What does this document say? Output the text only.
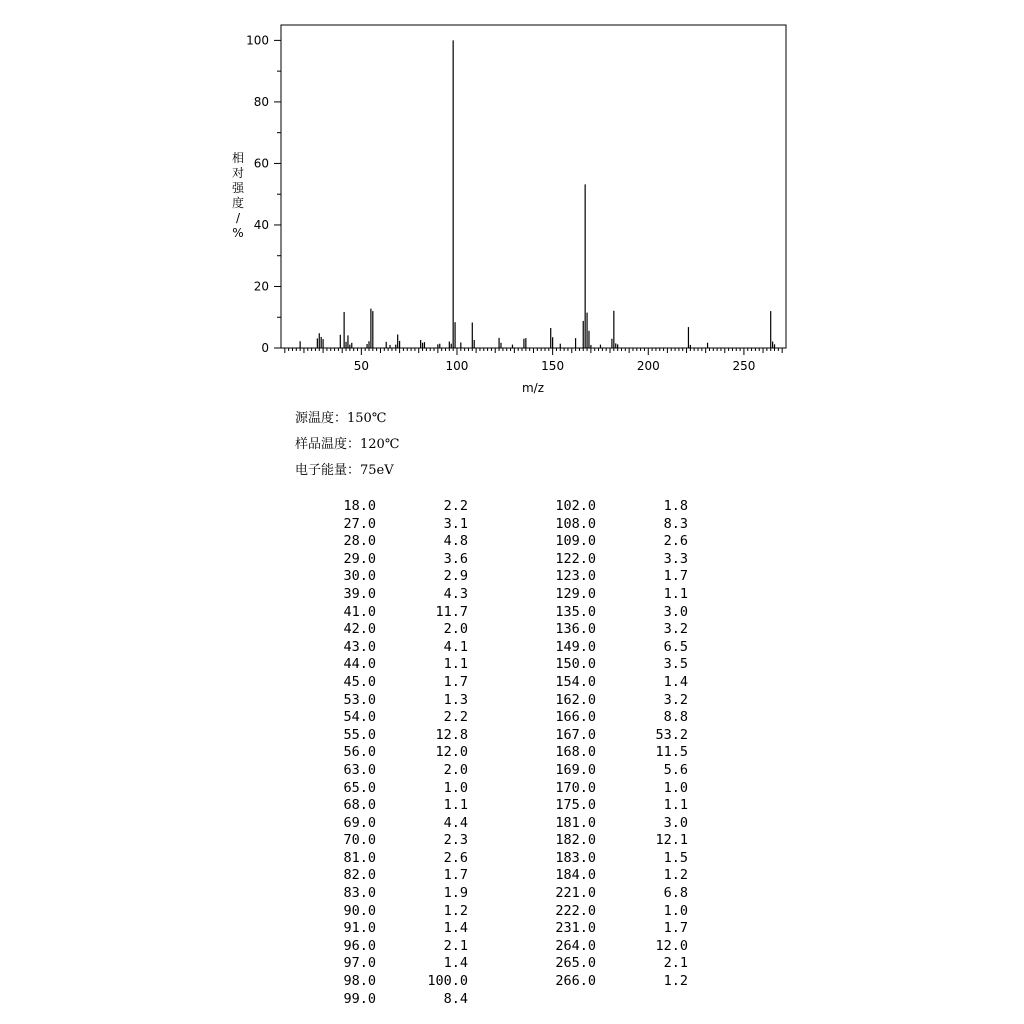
0
20
40
60
80
100
50	100	150	200	250
m/z
相对强度/ %
源温度：150℃
样品温度：120℃
电子能量：75eV
18.0	2.2
27.0	3.1
28.0	4.8
29.0	3.6
30.0	2.9
39.0	4.3
41.0	11.7
42.0	2.0
43.0	4.1
44.0	1.1
45.0	1.7
53.0	1.3
54.0	2.2
55.0	12.8
56.0	12.0
63.0	2.0
65.0	1.0
68.0	1.1
69.0	4.4
70.0	2.3
81.0	2.6
82.0	1.7
83.0	1.9
90.0	1.2
91.0	1.4
96.0	2.1
97.0	1.4
98.0	100.0
99.0	8.4
102.0	1.8
108.0	8.3
109.0	2.6
122.0	3.3
123.0	1.7
129.0	1.1
135.0	3.0
136.0	3.2
149.0	6.5
150.0	3.5
154.0	1.4
162.0	3.2
166.0	8.8
167.0	53.2
168.0	11.5
169.0	5.6
170.0	1.0
175.0	1.1
181.0	3.0
182.0	12.1
183.0	1.5
184.0	1.2
221.0	6.8
222.0	1.0
231.0	1.7
264.0	12.0
265.0	2.1
266.0	1.2
